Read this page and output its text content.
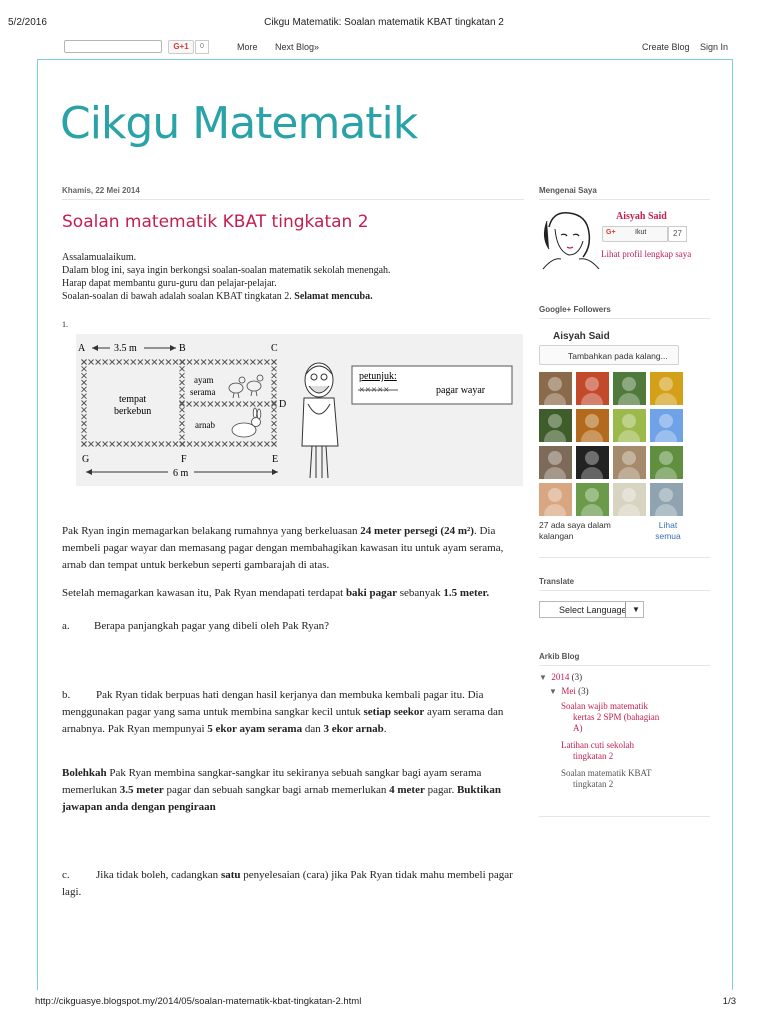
5/2/2016	Cikgu Matematik: Soalan matematik KBAT tingkatan 2
http://cikguasye.blogspot.my/2014/05/soalan-matematik-kbat-tingkatan-2.html	1/3
G+1	0	More Next Blog»	Create Blog Sign In
Cikgu Matematik
Khamis, 22 Mei 2014
Soalan matematik KBAT tingkatan 2
Assalamualaikum.
Dalam blog ini, saya ingin berkongsi soalan-soalan matematik sekolah menengah.
Harap dapat membantu guru-guru dan pelajar-pelajar.
Soalan-soalan di bawah adalah soalan KBAT tingkatan 2. Selamat mencuba.
1.
A	3.5 m	B	C
D
E
F
G
6 m
tempat
berkebun
ayam
serama
arnab
petunjuk:
×××××	pagar wayar
Pak Ryan ingin memagarkan belakang rumahnya yang berkeluasan 24 meter persegi (24 m²). Dia membeli pagar wayar dan memasang pagar dengan membahagikan kawasan itu untuk ayam serama, arnab dan tempat untuk berkebun seperti gambarajah di atas.
Setelah memagarkan kawasan itu, Pak Ryan mendapati terdapat baki pagar sebanyak 1.5 meter.
a. Berapa panjangkah pagar yang dibeli oleh Pak Ryan?
b. Pak Ryan tidak berpuas hati dengan hasil kerjanya dan membuka kembali pagar itu. Dia menggunakan pagar yang sama untuk membina sangkar kecil untuk setiap seekor ayam serama dan arnabnya. Pak Ryan mempunyai 5 ekor ayam serama dan 3 ekor arnab.
Bolehkah Pak Ryan membina sangkar-sangkar itu sekiranya sebuah sangkar bagi ayam serama memerlukan 3.5 meter pagar dan sebuah sangkar bagi arnab memerlukan 4 meter pagar. Buktikan jawapan anda dengan pengiraan
c. Jika tidak boleh, cadangkan satu penyelesaian (cara) jika Pak Ryan tidak mahu membeli pagar lagi.
Mengenai Saya
Aisyah Said
G+	Ikut	27
Lihat profil lengkap saya
Google+ Followers
Aisyah Said
Tambahkan pada kalang...
27 ada saya dalam
kalangan
Lihat
semua
Translate
Select Language ▼
Arkib Blog
▼ 2014 (3)
▼ Mei (3)
Soalan wajib matematik
kertas 2 SPM (bahagian
A)
Latihan cuti sekolah
tingkatan 2
Soalan matematik KBAT
tingkatan 2
